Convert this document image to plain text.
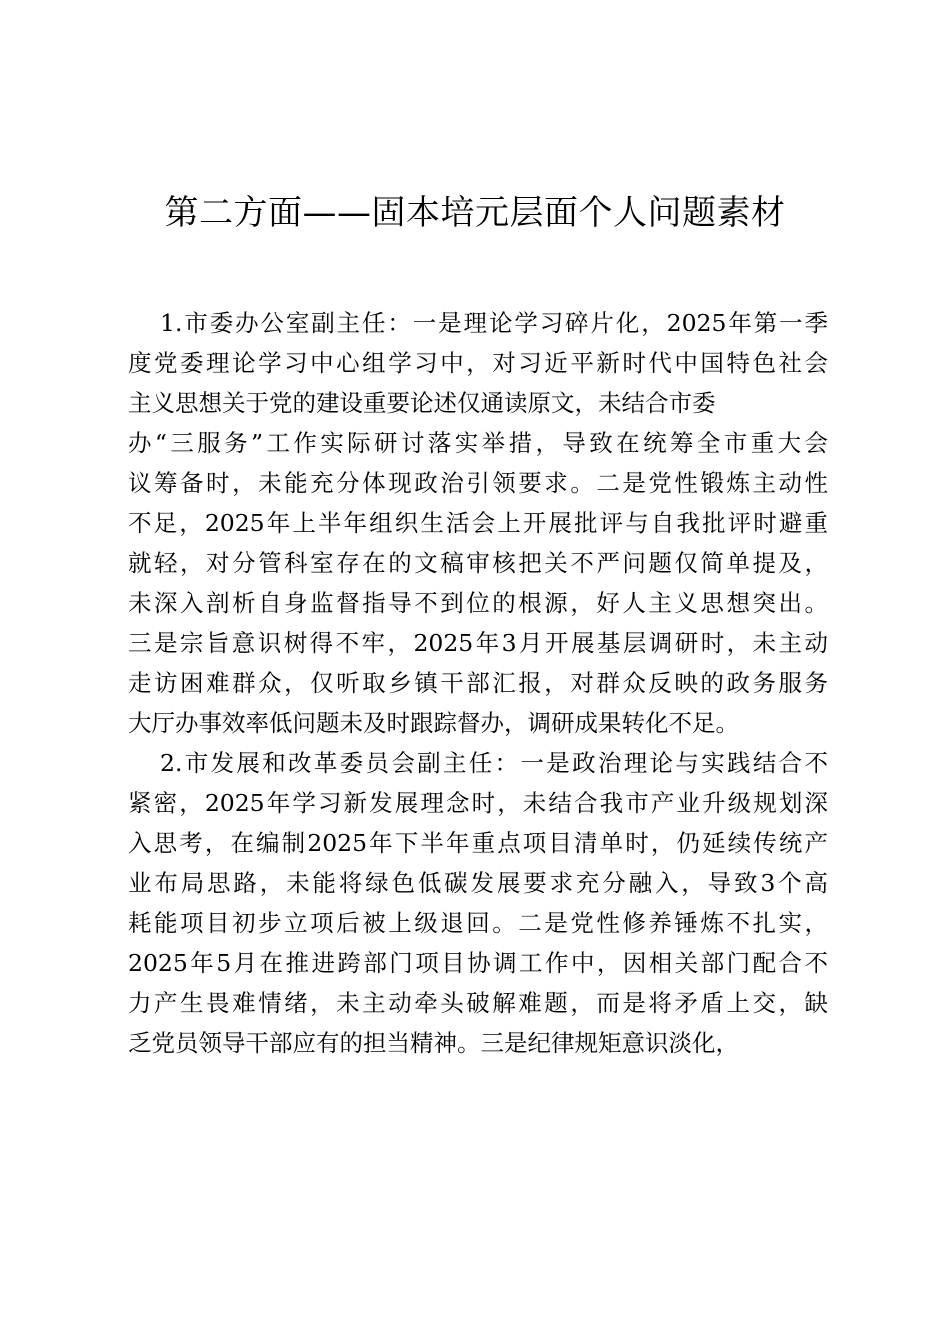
第二方面——固本培元层面个人问题素材
1.市委办公室副主任：一是理论学习碎片化，2025年第一季
度党委理论学习中心组学习中，对习近平新时代中国特色社会
主义思想关于党的建设重要论述仅通读原文，未结合市委
办“三服务”工作实际研讨落实举措，导致在统筹全市重大会
议筹备时，未能充分体现政治引领要求。二是党性锻炼主动性
不足，2025年上半年组织生活会上开展批评与自我批评时避重
就轻，对分管科室存在的文稿审核把关不严问题仅简单提及，
未深入剖析自身监督指导不到位的根源，好人主义思想突出。
三是宗旨意识树得不牢，2025年3月开展基层调研时，未主动
走访困难群众，仅听取乡镇干部汇报，对群众反映的政务服务
大厅办事效率低问题未及时跟踪督办，调研成果转化不足。
2.市发展和改革委员会副主任：一是政治理论与实践结合不
紧密，2025年学习新发展理念时，未结合我市产业升级规划深
入思考，在编制2025年下半年重点项目清单时，仍延续传统产
业布局思路，未能将绿色低碳发展要求充分融入，导致3个高
耗能项目初步立项后被上级退回。二是党性修养锤炼不扎实，
2025年5月在推进跨部门项目协调工作中，因相关部门配合不
力产生畏难情绪，未主动牵头破解难题，而是将矛盾上交，缺
乏党员领导干部应有的担当精神。三是纪律规矩意识淡化，
